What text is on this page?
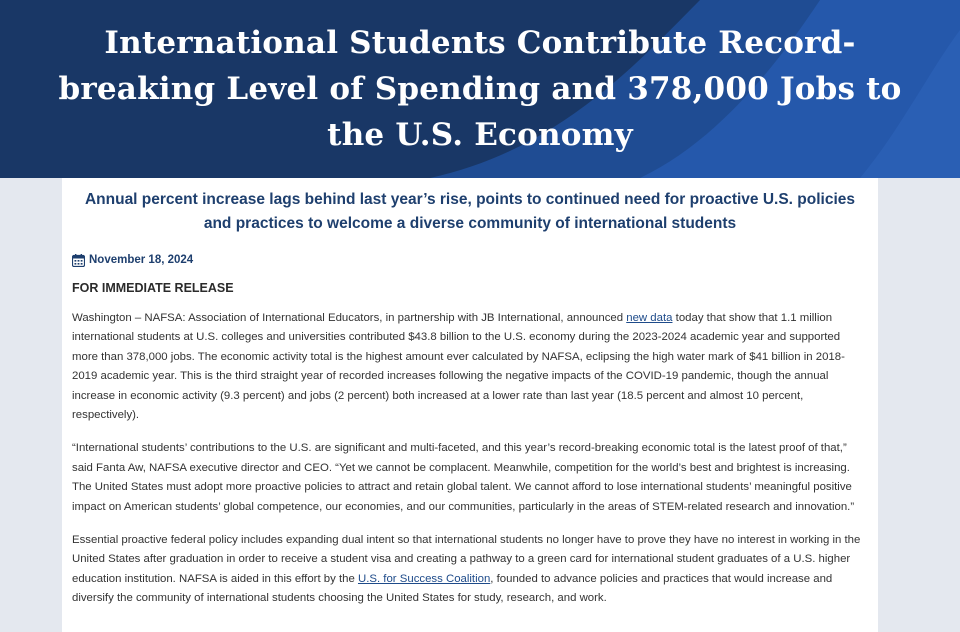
International Students Contribute Record-
breaking Level of Spending and 378,000 Jobs to
the U.S. Economy
Annual percent increase lags behind last year’s rise, points to continued need for proactive U.S. policies
and practices to welcome a diverse community of international students
November 18, 2024
FOR IMMEDIATE RELEASE

Washington – NAFSA: Association of International Educators, in partnership with JB International, announced new data today that show that 1.1 million international students at U.S. colleges and universities contributed $43.8 billion to the U.S. economy during the 2023-2024 academic year and supported more than 378,000 jobs. The economic activity total is the highest amount ever calculated by NAFSA, eclipsing the high water mark of $41 billion in 2018-2019 academic year. This is the third straight year of recorded increases following the negative impacts of the COVID-19 pandemic, though the annual increase in economic activity (9.3 percent) and jobs (2 percent) both increased at a lower rate than last year (18.5 percent and almost 10 percent, respectively).

“International students’ contributions to the U.S. are significant and multi-faceted, and this year’s record-breaking economic total is the latest proof of that,” said Fanta Aw, NAFSA executive director and CEO. “Yet we cannot be complacent. Meanwhile, competition for the world’s best and brightest is increasing. The United States must adopt more proactive policies to attract and retain global talent. We cannot afford to lose international students’ meaningful positive impact on American students’ global competence, our economies, and our communities, particularly in the areas of STEM-related research and innovation.”

Essential proactive federal policy includes expanding dual intent so that international students no longer have to prove they have no interest in working in the United States after graduation in order to receive a student visa and creating a pathway to a green card for international student graduates of a U.S. higher education institution. NAFSA is aided in this effort by the U.S. for Success Coalition, founded to advance policies and practices that would increase and diversify the community of international students choosing the United States for study, research, and work.
